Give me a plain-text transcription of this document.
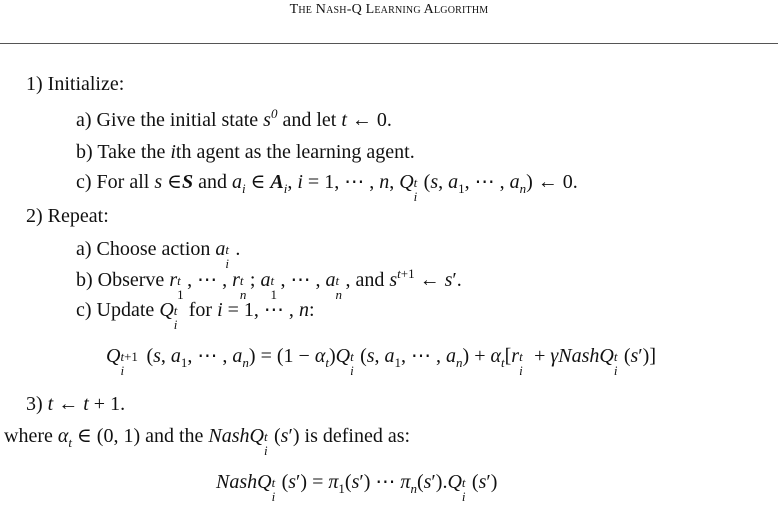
The Nash-Q Learning Algorithm
1) Initialize:
a) Give the initial state $s^0$ and let t ← 0.
b) Take the ith agent as the learning agent.
c) For all s ∈S and $a_i$ ∈ $A_i$, i = 1, ⋯ , n, Q t
i
(s, $a_1$, ⋯ , $a_n$) ← 0.
2) Repeat:
a) Choose action a t
i
.
b) Observe r t
1
, ⋯ , r t
n
; a t
1
, ⋯ , a t
n
, and $s^{t+1}$ ← s′.
c) Update Q t
i
for i = 1, ⋯ , n:
Q t+1
i
(s, $a_1$, ⋯ , $a_n) = (1 - \alpha_t)Q$ t
i
(s, $a_1$, ⋯ , $a_n) + \alpha_t[r$ t
i
+ γNashQ t
i
(s′)]
3) t ← t + 1.
where $\alpha_t$ ∈ (0, 1) and the NashQ t
i
(s′) is defined as:
NashQ t
i
$(s') = \pi_1(s')$ ⋯ $\pi_n(s').Q$ t
i
(s′)
